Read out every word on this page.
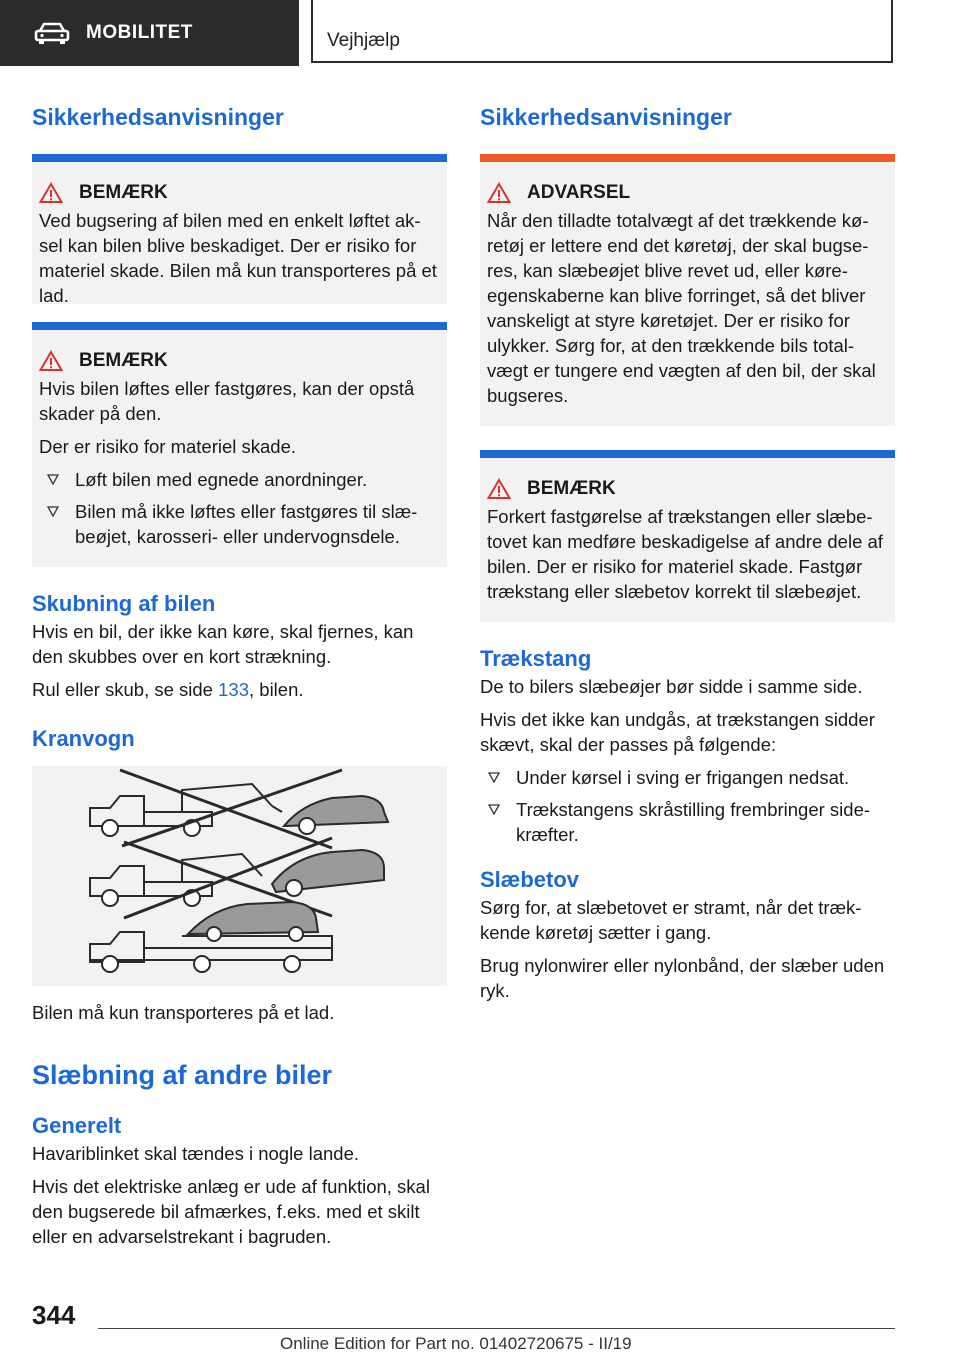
MOBILITET	Vejhjælp
Sikkerhedsanvisninger
BEMÆRK

Ved bugsering af bilen med en enkelt løftet ak-sel kan bilen blive beskadiget. Der er risiko for materiel skade. Bilen må kun transporteres på et lad.

BEMÆRK

Hvis bilen løftes eller fastgøres, kan der opstå skader på den.

Der er risiko for materiel skade.

Løft bilen med egnede anordninger.
Bilen må ikke løftes eller fastgøres til slæ-beøjet, karosseri- eller undervognsdele.
Skubning af bilen

Hvis en bil, der ikke kan køre, skal fjernes, kan den skubbes over en kort strækning.

Rul eller skub, se side 133, bilen.

Kranvogn

Bilen må kun transporteres på et lad.

Slæbning af andre biler
Generelt

Havariblinket skal tændes i nogle lande.

Hvis det elektriske anlæg er ude af funktion, skal den bugserede bil afmærkes, f.eks. med et skilt eller en advarselstrekant i bagruden.

Sikkerhedsanvisninger
ADVARSEL

Når den tilladte totalvægt af det trækkende kø-retøj er lettere end det køretøj, der skal bugse-res, kan slæbeøjet blive revet ud, eller køre-egenskaberne kan blive forringet, så det bliver vanskeligt at styre køretøjet. Der er risiko for ulykker. Sørg for, at den trækkende bils total-vægt er tungere end vægten af den bil, der skal bugseres.

BEMÆRK

Forkert fastgørelse af trækstangen eller slæbe-tovet kan medføre beskadigelse af andre dele af bilen. Der er risiko for materiel skade. Fastgør trækstang eller slæbetov korrekt til slæbeøjet.

Trækstang

De to bilers slæbeøjer bør sidde i samme side.

Hvis det ikke kan undgås, at trækstangen sidder skævt, skal der passes på følgende:

Under kørsel i sving er frigangen nedsat.
Trækstangens skråstilling frembringer side-kræfter.
Slæbetov

Sørg for, at slæbetovet er stramt, når det træk-kende køretøj sætter i gang.

Brug nylonwirer eller nylonbånd, der slæber uden ryk.

344
Online Edition for Part no. 01402720675 - II/19
